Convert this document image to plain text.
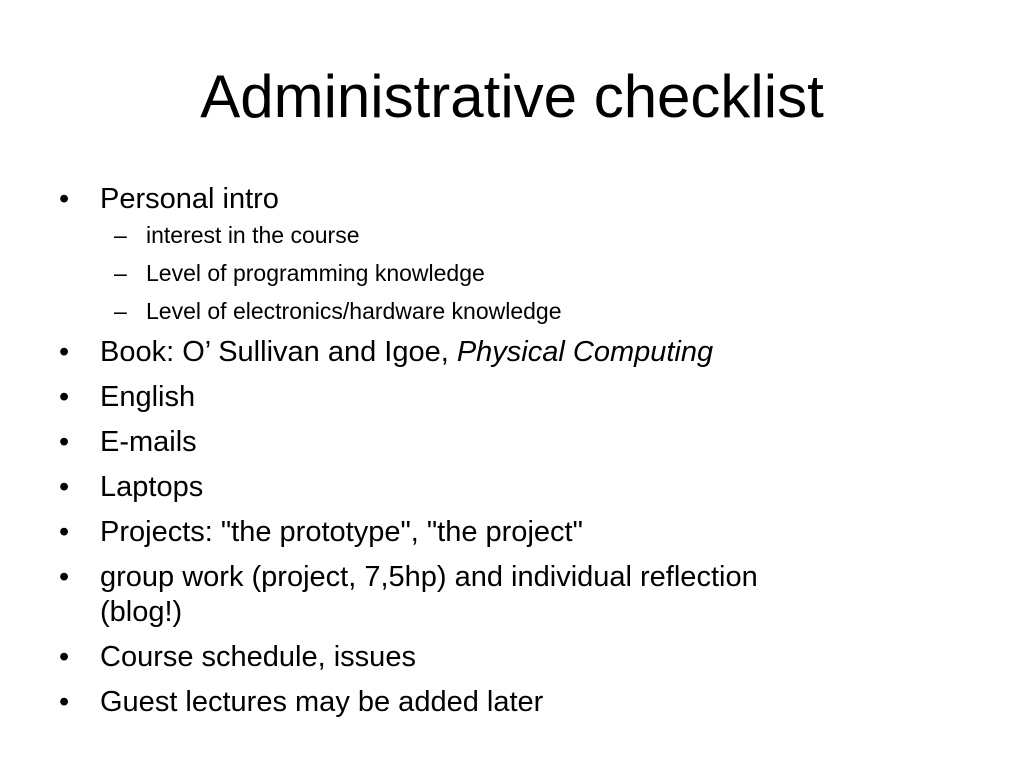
Administrative checklist
•	Personal intro
– interest in the course
– Level of programming knowledge
– Level of electronics/hardware knowledge
•	Book: O’ Sullivan and Igoe, Physical Computing
•	English
•	E-mails
•	Laptops
•	Projects: "the prototype", "the project"
•	group work (project, 7,5hp) and individual reflection
(blog!)
•	Course schedule, issues
•	Guest lectures may be added later
